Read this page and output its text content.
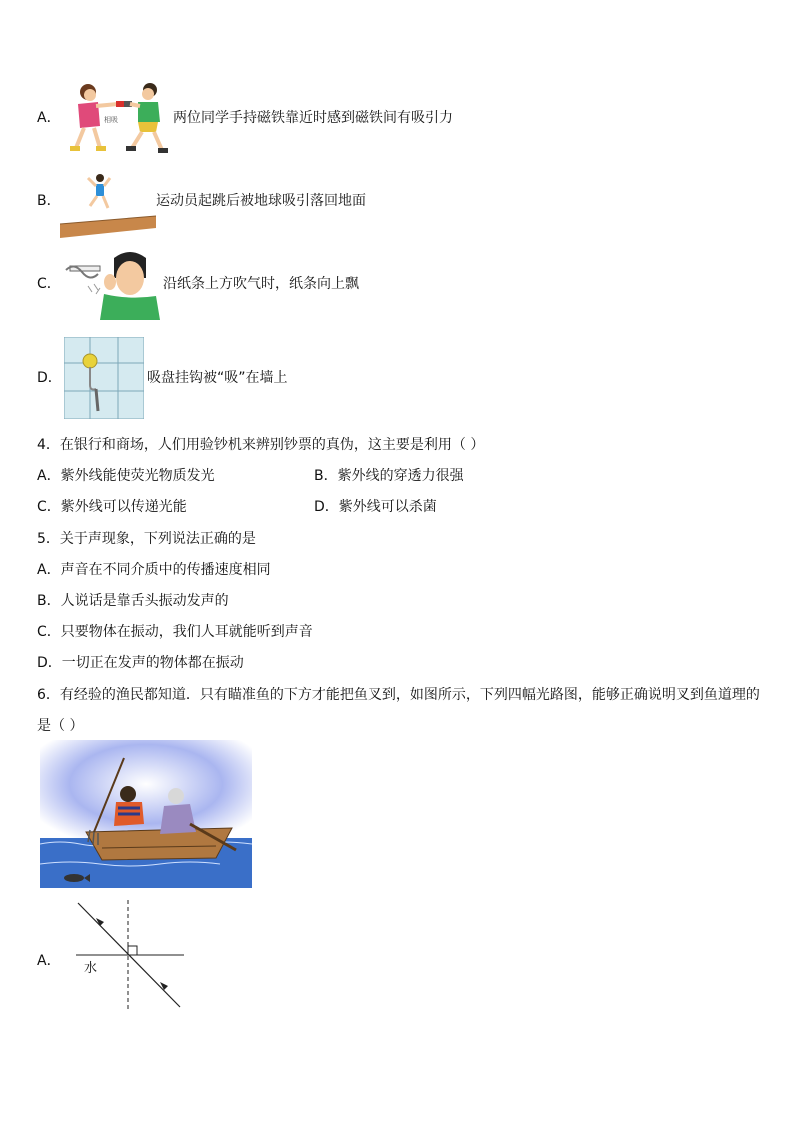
A．	相吸	两位同学手持磁铁靠近时感到磁铁间有吸引力
B．	运动员起跳后被地球吸引落回地面
C．	沿纸条上方吹气时，纸条向上飘
D．	吸盘挂钩被“吸”在墙上
4．在银行和商场，人们用验钞机来辨别钞票的真伪，这主要是利用（ ）
A．紫外线能使荧光物质发光	B．紫外线的穿透力很强
C．紫外线可以传递光能	D．紫外线可以杀菌
5．关于声现象，下列说法正确的是
A．声音在不同介质中的传播速度相同
B．人说话是靠舌头振动发声的
C．只要物体在振动，我们人耳就能听到声音
D．一切正在发声的物体都在振动
6．有经验的渔民都知道．只有瞄准鱼的下方才能把鱼叉到，如图所示，下列四幅光路图，能够正确说明叉到鱼道理的
是（ ）
A． 水
